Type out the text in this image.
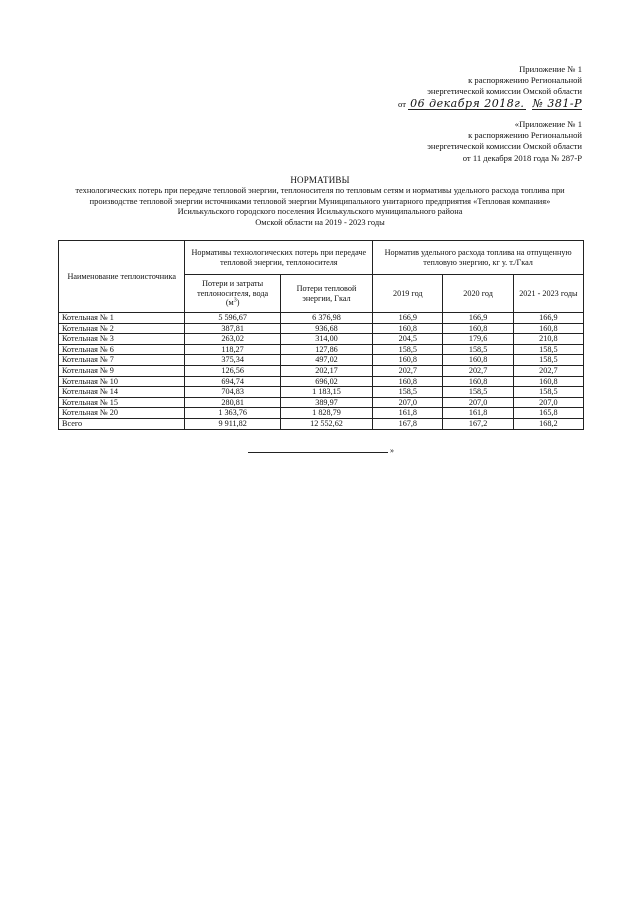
Приложение № 1
к распоряжению Региональной
энергетической комиссии Омской области
от 06 декабря 2018г. № 381-Р
«Приложение № 1
к распоряжению Региональной
энергетической комиссии Омской области
от 11 декабря 2018 года № 287-Р
НОРМАТИВЫ
технологических потерь при передаче тепловой энергии, теплоносителя по тепловым сетям и нормативы удельного расхода топлива при
производстве тепловой энергии источниками тепловой энергии Муниципального унитарного предприятия «Тепловая компания»
Исилькульского городского поселения Исилькульского муниципального района
Омской области на 2019 - 2023 годы
Наименование теплоисточника	Нормативы технологических потерь при передаче тепловой энергии, теплоносителя		Норматив удельного расхода топлива на отпущенную тепловую энергию, кг у. т./Гкал		
	Потери и затраты теплоносителя, вода
$(м^3)$	Потери тепловой энергии, Гкал	2019 год	2020 год	2021 - 2023 годы
Котельная № 1	5 596,67	6 376,98	166,9	166,9	166,9
Котельная № 2	387,81	936,68	160,8	160,8	160,8
Котельная № 3	263,02	314,00	204,5	179,6	210,8
Котельная № 6	118,27	127,86	158,5	158,5	158,5
Котельная № 7	375,34	497,02	160,8	160,8	158,5
Котельная № 9	126,56	202,17	202,7	202,7	202,7
Котельная № 10	694,74	696,02	160,8	160,8	160,8
Котельная № 14	704,83	1 183,15	158,5	158,5	158,5
Котельная № 15	280,81	389,97	207,0	207,0	207,0
Котельная № 20	1 363,76	1 828,79	161,8	161,8	165,8
Всего	9 911,82	12 552,62	167,8	167,2	168,2
»
